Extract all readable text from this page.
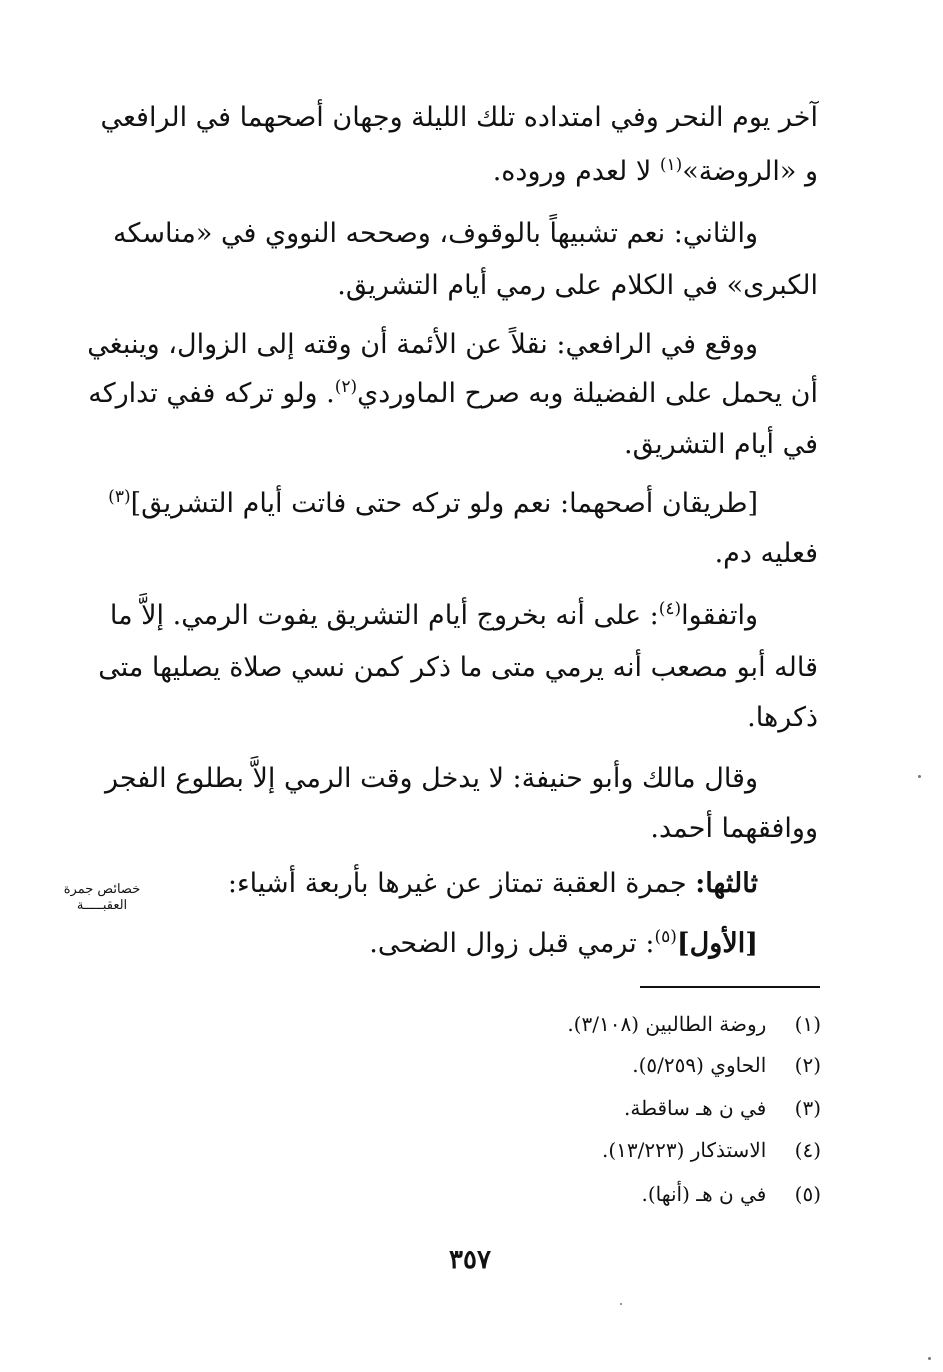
آخر يوم النحر وفي امتداده تلك الليلة وجهان أصحهما في الرافعي
و «الروضة»$^{(١)}$ لا لعدم وروده.
والثاني: نعم تشبيهاً بالوقوف، وصححه النووي في «مناسكه
الكبرى» في الكلام على رمي أيام التشريق.
ووقع في الرافعي: نقلاً عن الأئمة أن وقته إلى الزوال، وينبغي
أن يحمل على الفضيلة وبه صرح الماوردي$^{(٢)}$. ولو تركه ففي تداركه
في أيام التشريق.
[طريقان أصحهما: نعم ولو تركه حتى فاتت أيام التشريق]$^{(٣)}$
فعليه دم.
واتفقوا$^{(٤)}$: على أنه بخروج أيام التشريق يفوت الرمي. إلاَّ ما
قاله أبو مصعب أنه يرمي متى ما ذكر كمن نسي صلاة يصليها متى
ذكرها.
وقال مالك وأبو حنيفة: لا يدخل وقت الرمي إلاَّ بطلوع الفجر
ووافقهما أحمد.
ثالثها: جمرة العقبة تمتاز عن غيرها بأربعة أشياء:
[الأول]$^{(٥)}$: ترمي قبل زوال الضحى.
خصائص جمرة
العقبـــــة
(١)  روضة الطالبين (٣/١٠٨).
(٢)  الحاوي (٥/٢٥٩).
(٣)  في ن هـ ساقطة.
(٤)  الاستذكار (١٣/٢٢٣).
(٥)  في ن هـ (أنها).
٣٥٧
